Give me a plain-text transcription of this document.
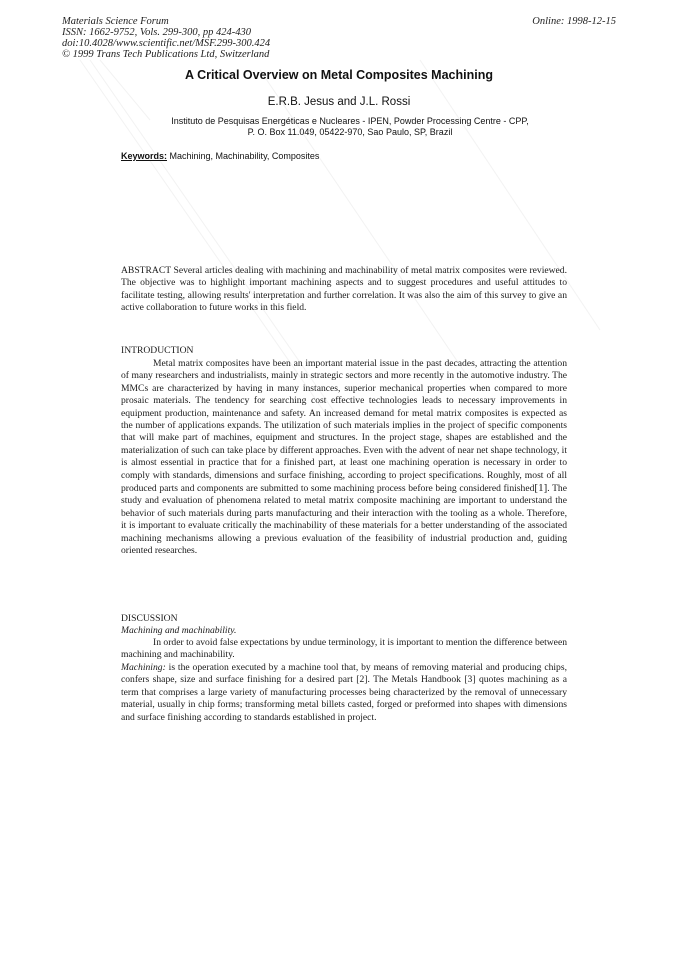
Materials Science Forum
ISSN: 1662-9752, Vols. 299-300, pp 424-430
doi:10.4028/www.scientific.net/MSF.299-300.424
© 1999 Trans Tech Publications Ltd, Switzerland
Online: 1998-12-15
A Critical Overview on Metal Composites Machining
E.R.B. Jesus and J.L. Rossi
Instituto de Pesquisas Energéticas e Nucleares - IPEN, Powder Processing Centre - CPP,
P. O. Box 11.049, 05422-970, Sao Paulo, SP, Brazil
Keywords: Machining, Machinability, Composites
ABSTRACT Several articles dealing with machining and machinability of metal matrix composites were reviewed. The objective was to highlight important machining aspects and to suggest procedures and useful attitudes to facilitate testing, allowing results' interpretation and further correlation. It was also the aim of this survey to give an active collaboration to future works in this field.
INTRODUCTION
Metal matrix composites have been an important material issue in the past decades, attracting the attention of many researchers and industrialists, mainly in strategic sectors and more recently in the automotive industry. The MMCs are characterized by having in many instances, superior mechanical properties when compared to more prosaic materials. The tendency for searching cost effective technologies leads to necessary improvements in equipment production, maintenance and safety. An increased demand for metal matrix composites is expected as the number of applications expands. The utilization of such materials implies in the project of specific components that will make part of machines, equipment and structures. In the project stage, shapes are established and the materialization of such can take place by different approaches. Even with the advent of near net shape technology, it is almost essential in practice that for a finished part, at least one machining operation is necessary in order to comply with standards, dimensions and surface finishing, according to project specifications. Roughly, most of all produced parts and components are submitted to some machining process before being considered finished[1]. The study and evaluation of phenomena related to metal matrix composite machining are important to understand the behavior of such materials during parts manufacturing and their interaction with the tooling as a whole. Therefore, it is important to evaluate critically the machinability of these materials for a better understanding of the associated machining mechanisms allowing a previous evaluation of the feasibility of industrial production and, guiding oriented researches.
DISCUSSION
Machining and machinability.
In order to avoid false expectations by undue terminology, it is important to mention the difference between machining and machinability.
Machining: is the operation executed by a machine tool that, by means of removing material and producing chips, confers shape, size and surface finishing for a desired part [2]. The Metals Handbook [3] quotes machining as a term that comprises a large variety of manufacturing processes being characterized by the removal of unnecessary material, usually in chip forms; transforming metal billets casted, forged or preformed into shapes with dimensions and surface finishing according to standards established in project.
